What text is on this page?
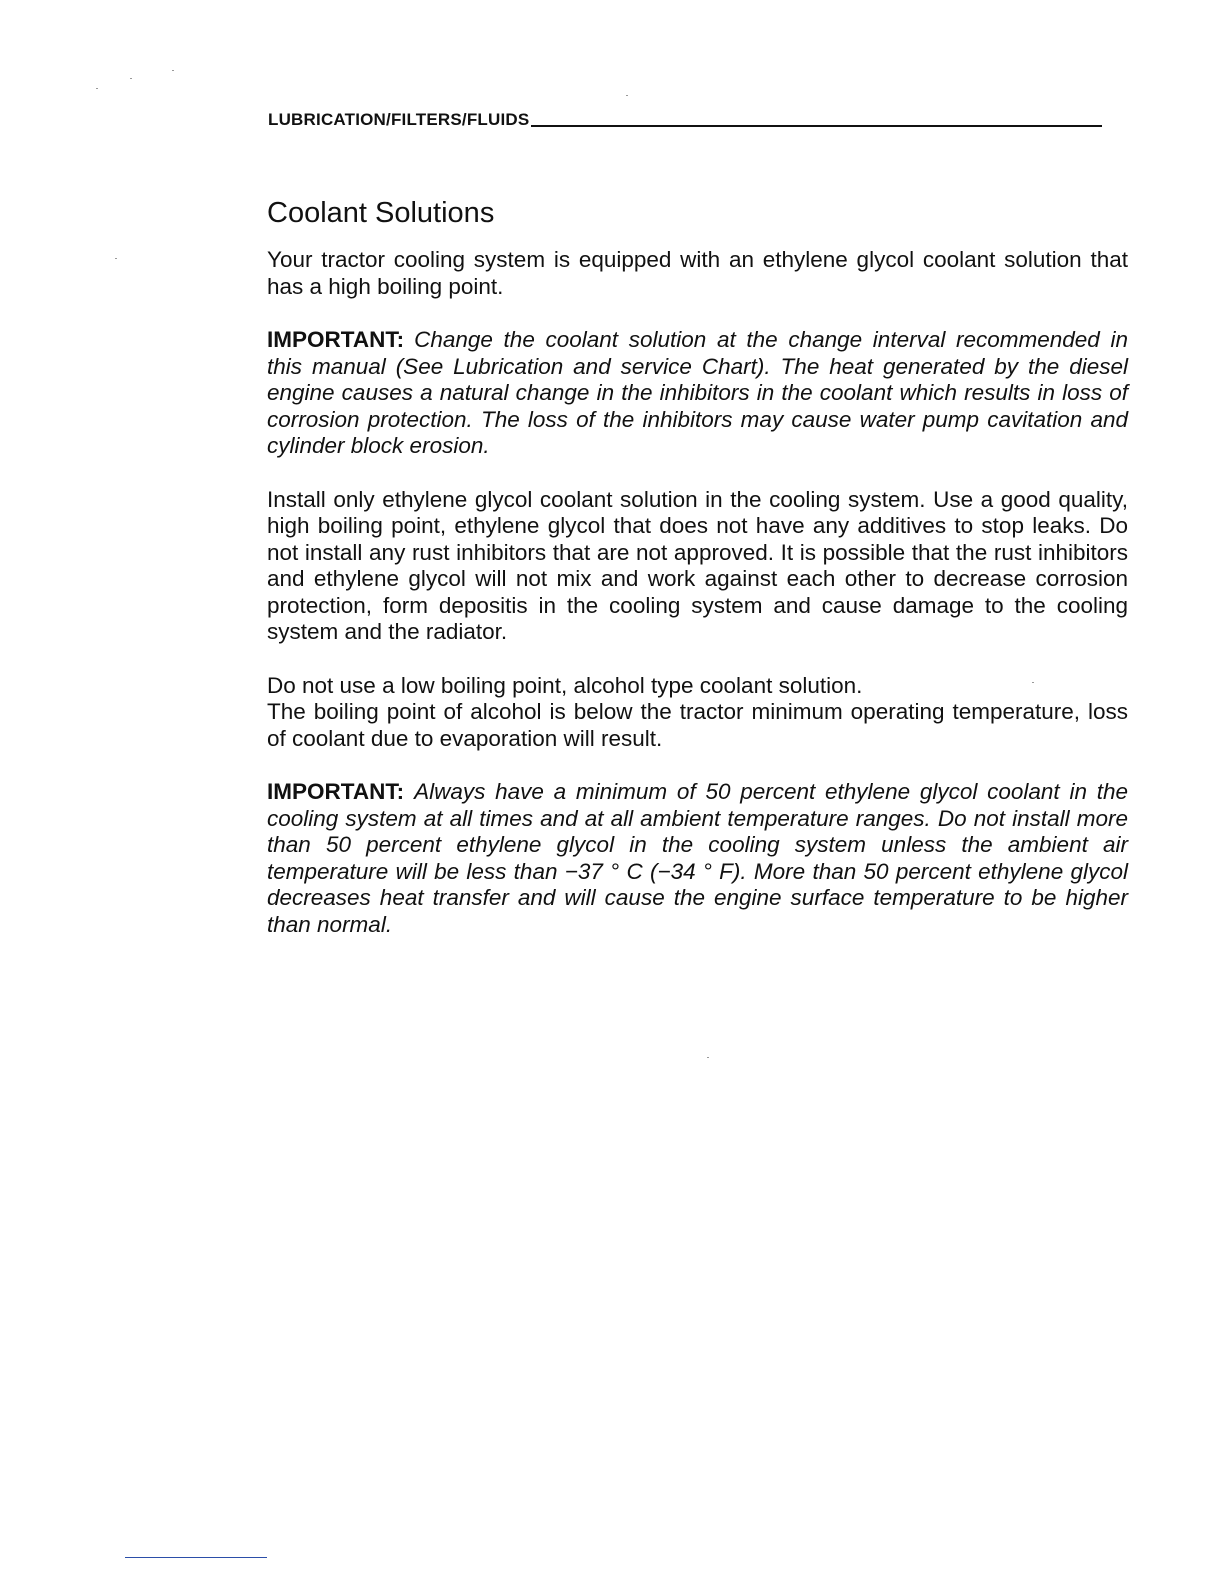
LUBRICATION/FILTERS/FLUIDS
Coolant Solutions

Your tractor cooling system is equipped with an ethylene glycol coolant solution that has a high boiling point.

IMPORTANT: Change the coolant solution at the change interval recommended in this manual (See Lubrication and service Chart). The heat generated by the diesel engine causes a natural change in the inhibitors in the coolant which results in loss of corrosion protection. The loss of the inhibitors may cause water pump cavitation and cylinder block erosion.

Install only ethylene glycol coolant solution in the cooling system. Use a good quality, high boiling point, ethylene glycol that does not have any additives to stop leaks. Do not install any rust inhibitors that are not approved. It is possible that the rust inhibitors and ethylene glycol will not mix and work against each other to decrease corrosion protection, form depositis in the cooling system and cause damage to the cooling system and the radiator.

Do not use a low boiling point, alcohol type coolant solution.

The boiling point of alcohol is below the tractor minimum operating temperature, loss of coolant due to evaporation will result.

IMPORTANT: Always have a minimum of 50 percent ethylene glycol coolant in the cooling system at all times and at all ambient temperature ranges. Do not install more than 50 percent ethylene glycol in the cooling system unless the ambient air temperature will be less than −37 ° C (−34 ° F). More than 50 percent ethylene glycol decreases heat transfer and will cause the engine surface temperature to be higher than normal.
